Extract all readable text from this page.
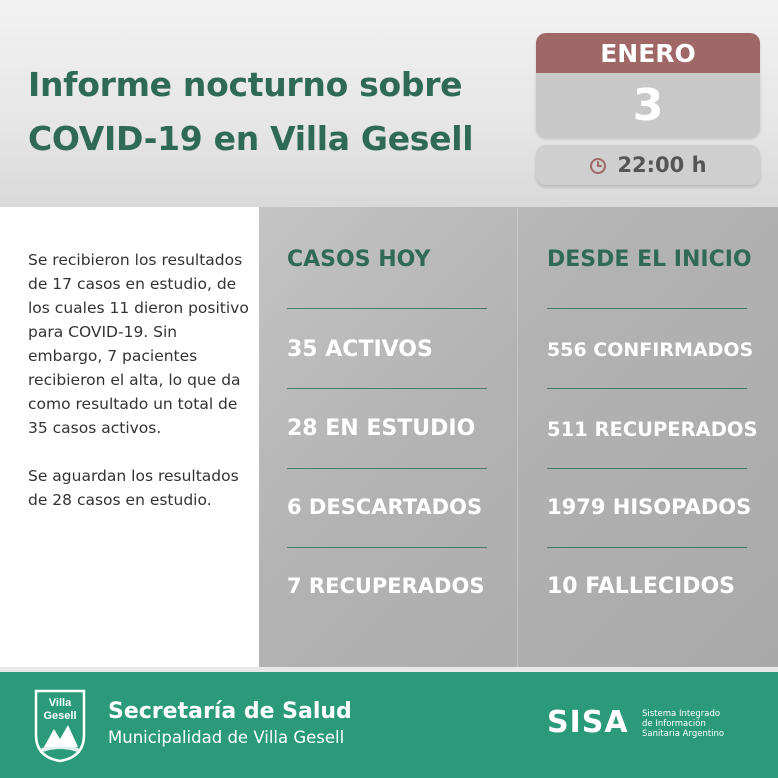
Informe nocturno sobre
COVID-19 en Villa Gesell
ENERO
3
22:00 h

Se recibieron los resultados de 17 casos en estudio, de los cuales 11 dieron positivo para COVID-19. Sin embargo, 7 pacientes recibieron el alta, lo que da como resultado un total de 35 casos activos.

Se aguardan los resultados de 28 casos en estudio.

CASOS HOY	DESDE EL INICIO
35 ACTIVOS	556 CONFIRMADOS
28 EN ESTUDIO	511 RECUPERADOS
6 DESCARTADOS	1979 HISOPADOS
7 RECUPERADOS	10 FALLECIDOS
Villa
Gesell Secretaría de Salud
Municipalidad de Villa Gesell	SISA Sistema Integrado
de Información
Sanitaria Argentino
